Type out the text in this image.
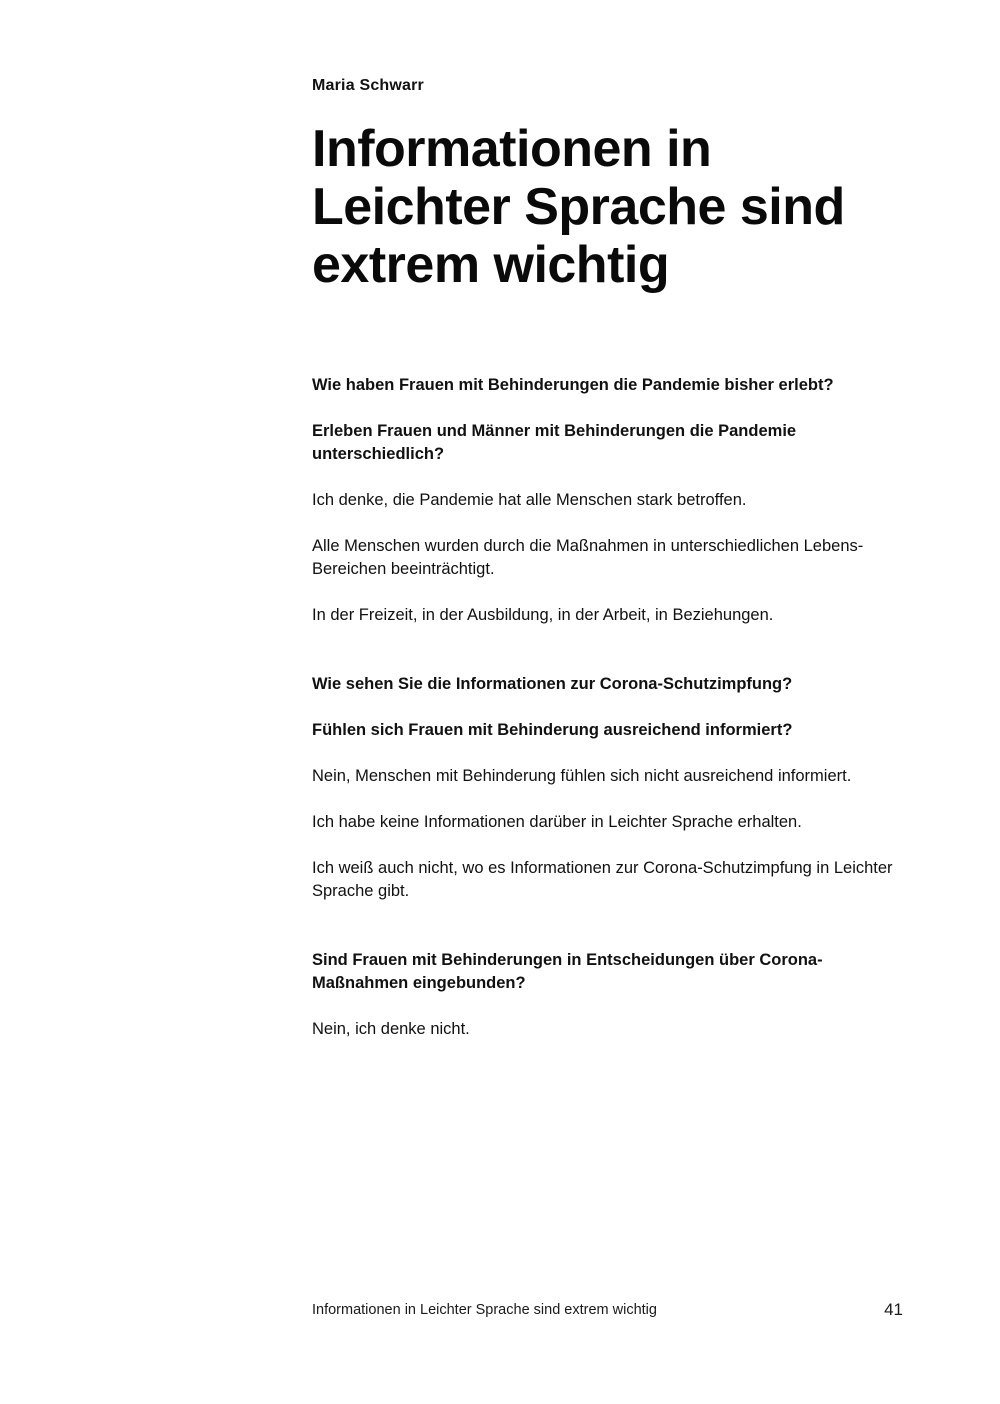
Maria Schwarr
Informationen in
Leichter Sprache sind
extrem wichtig

Wie haben Frauen mit Behinderungen die Pandemie bisher erlebt?

Erleben Frauen und Männer mit Behinderungen die Pandemie unterschiedlich?

Ich denke, die Pandemie hat alle Menschen stark betroffen.

Alle Menschen wurden durch die Maßnahmen in unterschiedlichen Lebens-Bereichen beeinträchtigt.

In der Freizeit, in der Ausbildung, in der Arbeit, in Beziehungen.

Wie sehen Sie die Informationen zur Corona-Schutzimpfung?

Fühlen sich Frauen mit Behinderung ausreichend informiert?

Nein, Menschen mit Behinderung fühlen sich nicht ausreichend informiert.

Ich habe keine Informationen darüber in Leichter Sprache erhalten.

Ich weiß auch nicht, wo es Informationen zur Corona-Schutzimpfung in Leichter Sprache gibt.

Sind Frauen mit Behinderungen in Entscheidungen über Corona-Maßnahmen eingebunden?

Nein, ich denke nicht.

Informationen in Leichter Sprache sind extrem wichtig	41
